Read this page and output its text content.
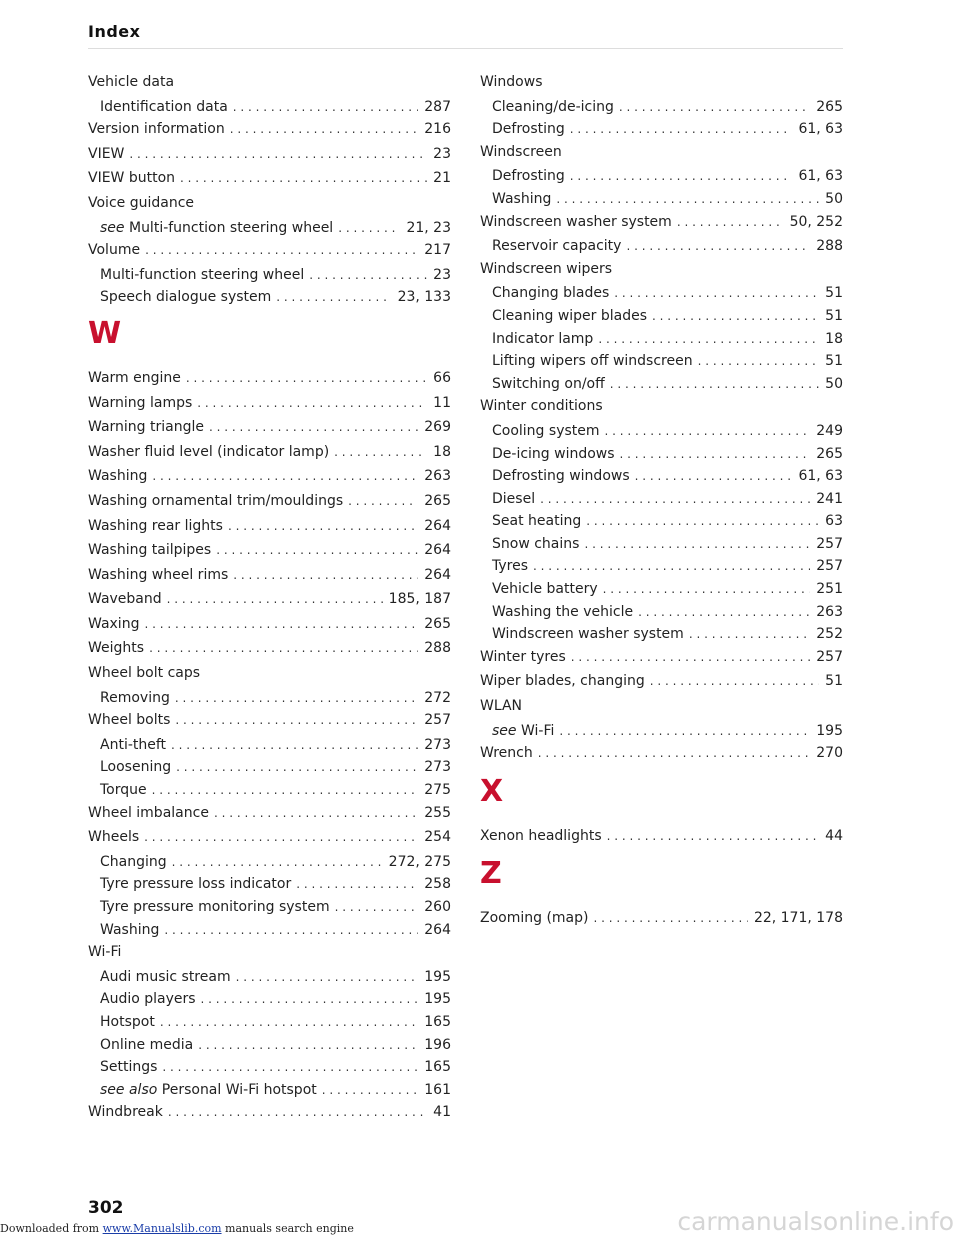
Index
Vehicle data
Identification data . . .	287
Version information . . .	216
VIEW . . .	23
VIEW button . . .	21
Voice guidance
see Multi-function steering wheel . . .	21, 23
Volume . . .	217
Multi-function steering wheel . . .	23
Speech dialogue system . . .	23, 133
W
Warm engine . . .	66
Warning lamps . . .	11
Warning triangle . . .	269
Washer fluid level (indicator lamp) . . .	18
Washing . . .	263
Washing ornamental trim/mouldings . . .	265
Washing rear lights . . .	264
Washing tailpipes . . .	264
Washing wheel rims . . .	264
Waveband . . .	185, 187
Waxing . . .	265
Weights . . .	288
Wheel bolt caps
Removing . . .	272
Wheel bolts . . .	257
Anti-theft . . .	273
Loosening . . .	273
Torque . . .	275
Wheel imbalance . . .	255
Wheels . . .	254
Changing . . .	272, 275
Tyre pressure loss indicator . . .	258
Tyre pressure monitoring system . . .	260
Washing . . .	264
Wi-Fi
Audi music stream . . .	195
Audio players . . .	195
Hotspot . . .	165
Online media . . .	196
Settings . . .	165
see also Personal Wi-Fi hotspot . . .	161
Windbreak . . .	41
Windows
Cleaning/de-icing . . .	265
Defrosting . . .	61, 63
Windscreen
Defrosting . . .	61, 63
Washing . . .	50
Windscreen washer system . . .	50, 252
Reservoir capacity . . .	288
Windscreen wipers
Changing blades . . .	51
Cleaning wiper blades . . .	51
Indicator lamp . . .	18
Lifting wipers off windscreen . . .	51
Switching on/off . . .	50
Winter conditions
Cooling system . . .	249
De-icing windows . . .	265
Defrosting windows . . .	61, 63
Diesel . . .	241
Seat heating . . .	63
Snow chains . . .	257
Tyres . . .	257
Vehicle battery . . .	251
Washing the vehicle . . .	263
Windscreen washer system . . .	252
Winter tyres . . .	257
Wiper blades, changing . . .	51
WLAN
see Wi-Fi . . .	195
Wrench . . .	270
X
Xenon headlights . . .	44
Z
Zooming (map) . . .	22, 171, 178
302
Downloaded from www.Manualslib.com manuals search engine	carmanualsonline.info
